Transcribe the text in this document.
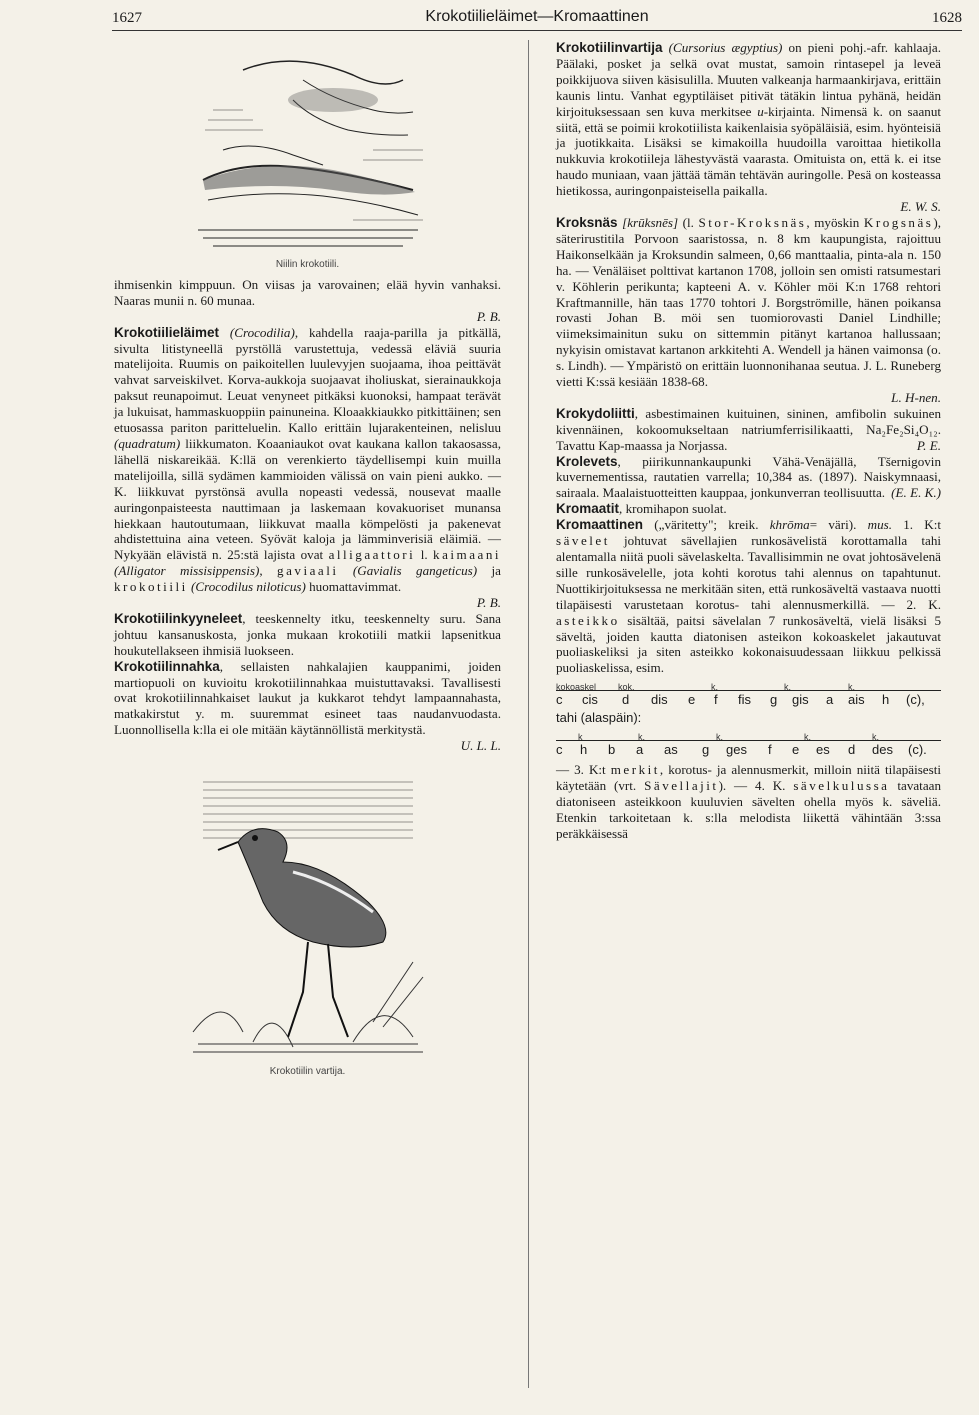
1627	Krokotiilieläimet—Kromaattinen	1628
Niilin krokotiili.

ihmisenkin kimppuun. On viisas ja varovainen; elää hyvin vanhaksi. Naaras munii n. 60 munaa.

P. B.

Krokotiilieläimet (Crocodilia), kahdella raaja-parilla ja pitkällä, sivulta litistyneellä pyrstöllä varustettuja, vedessä eläviä suuria matelijoita. Ruumis on paikoitellen luulevyjen suojaama, ihoa peittävät vahvat sarveiskilvet. Korva-aukkoja suojaavat iholiuskat, sierainaukkoja paksut reunapoimut. Leuat venyneet pitkäksi kuonoksi, hampaat terävät ja lukuisat, hammaskuoppiin painuneina. Kloaakkiaukko pitkittäinen; sen etuosassa pariton paritteluelin. Kallo erittäin lujarakenteinen, nelisluu (quadratum) liikkumaton. Koaaniaukot ovat kaukana kallon takaosassa, lähellä niskareikää. K:llä on verenkierto täydellisempi kuin muilla matelijoilla, sillä sydämen kammioiden välissä on vain pieni aukko. — K. liikkuvat pyrstönsä avulla nopeasti vedessä, nousevat maalle auringonpaisteesta nauttimaan ja laskemaan kovakuoriset munansa hiekkaan hautoutumaan, liikkuvat maalla kömpelösti ja pakenevat ahdistettuina aina veteen. Syövät kaloja ja lämminverisiä eläimiä. — Nykyään elävistä n. 25:stä lajista ovat alligaattori l. kaimaani (Alligator missisippensis), gaviaali (Gavialis gangeticus) ja krokotiili (Crocodilus niloticus) huomattavimmat.

P. B.

Krokotiilinkyyneleet, teeskennelty itku, teeskennelty suru. Sana johtuu kansanuskosta, jonka mukaan krokotiili matkii lapsenitkua houkutellakseen ihmisiä luokseen.

Krokotiilinnahka, sellaisten nahkalajien kauppanimi, joiden martiopuoli on kuvioitu krokotiilinnahkaa muistuttavaksi. Tavallisesti ovat krokotiilinnahkaiset laukut ja kukkarot tehdyt lampaannahasta, matkakirstut y. m. suuremmat esineet taas naudanvuodasta. Luonnollisella k:lla ei ole mitään käytännöllistä merkitystä.

U. L. L.

Krokotiilin vartija.

Krokotiilinvartija (Cursorius ægyptius) on pieni pohj.-afr. kahlaaja. Päälaki, posket ja selkä ovat mustat, samoin rintasepel ja leveä poikkijuova siiven käsisulilla. Muuten valkeanja harmaankirjava, erittäin kaunis lintu. Vanhat egyptiläiset pitivät tätäkin lintua pyhänä, heidän kirjoituksessaan sen kuva merkitsee u-kirjainta. Nimensä k. on saanut siitä, että se poimii krokotiilista kaikenlaisia syöpäläisiä, esim. hyönteisiä ja juotikkaita. Lisäksi se kimakoilla huudoilla varoittaa hietikolla nukkuvia krokotiileja lähestyvästä vaarasta. Omituista on, että k. ei itse haudo muniaan, vaan jättää tämän tehtävän auringolle. Pesä on kosteassa hietikossa, auringonpaisteisella paikalla.

E. W. S.

Kroksnäs [krūksnēs] (l. Stor-Kroksnäs, myöskin Krogsnäs), säterirustitila Porvoon saaristossa, n. 8 km kaupungista, rajoittuu Haikonselkään ja Kroksundin salmeen, 0,66 manttaalia, pinta-ala n. 150 ha. — Venäläiset polttivat kartanon 1708, jolloin sen omisti ratsumestari v. Köhlerin perikunta; kapteeni A. v. Köhler möi K:n 1768 rehtori Kraftmannille, hän taas 1770 tohtori J. Borgströmille, hänen poikansa rovasti Johan B. möi sen tuomiorovasti Daniel Lindhille; viimeksimainitun suku on sittemmin pitänyt kartanoa hallussaan; nykyisin omistavat kartanon arkkitehti A. Wendell ja hänen vaimonsa (o. s. Lindh). — Ympäristö on erittäin luonnonihanaa seutua. J. L. Runeberg vietti K:ssä kesiään 1838-68.

L. H-nen.

Krokydoliitti, asbestimainen kuituinen, sininen, amfibolin sukuinen kivennäinen, kokoomukseltaan natriumferrisilikaatti, Na₂Fe₂Si₄O₁₂. Tavattu Kap-maassa ja Norjassa.	P. E.

Krolevets, piirikunnankaupunki Vähä-Venäjällä, Tšernigovin kuvernementissa, rautatien varrella; 10,384 as. (1897). Naiskymnaasi, sairaala. Maalaistuotteitten kauppaa, jonkunverran teollisuutta. (E. E. K.)

Kromaatit, kromihapon suolat.

Kromaattinen („väritetty"; kreik. khrōma= väri). mus. 1. K:t sävelet johtuvat sävellajien runkosävelistä korottamalla tahi alentamalla niitä puoli sävelaskelta. Tavallisimmin ne ovat johtosävelenä sille runkosävelelle, jota kohti korotus tahi alennus on tapahtunut. Nuottikirjoituksessa ne merkitään siten, että runkosäveltä vastaava nuotti tilapäisesti varustetaan korotus- tahi alennusmerkillä. — 2. K. asteikko sisältää, paitsi sävelalan 7 runkosäveltä, vielä lisäksi 5 säveltä, joiden kautta diatonisen asteikon kokoaskelet jakautuvat puoliaskeliksi ja siten asteikko kokonaisuudessaan liikkuu pelkissä puoliaskelissa, esim.

kokoaskel kok.	k.	k.	k.
c cis d dis e f fis g gis a ais h (c),
tahi (alaspäin):
k	k.	k.	k.	k.
c h b a as g ges f e es d des (c).

— 3. K:t merkit, korotus- ja alennusmerkit, milloin niitä tilapäisesti käytetään (vrt. Sävellajit). — 4. K. sävelkulussa tavataan diatoniseen asteikkoon kuuluvien sävelten ohella myös k. säveliä. Etenkin tarkoitetaan k. s:lla melodista liikettä vähintään 3:ssa peräkkäisessä
